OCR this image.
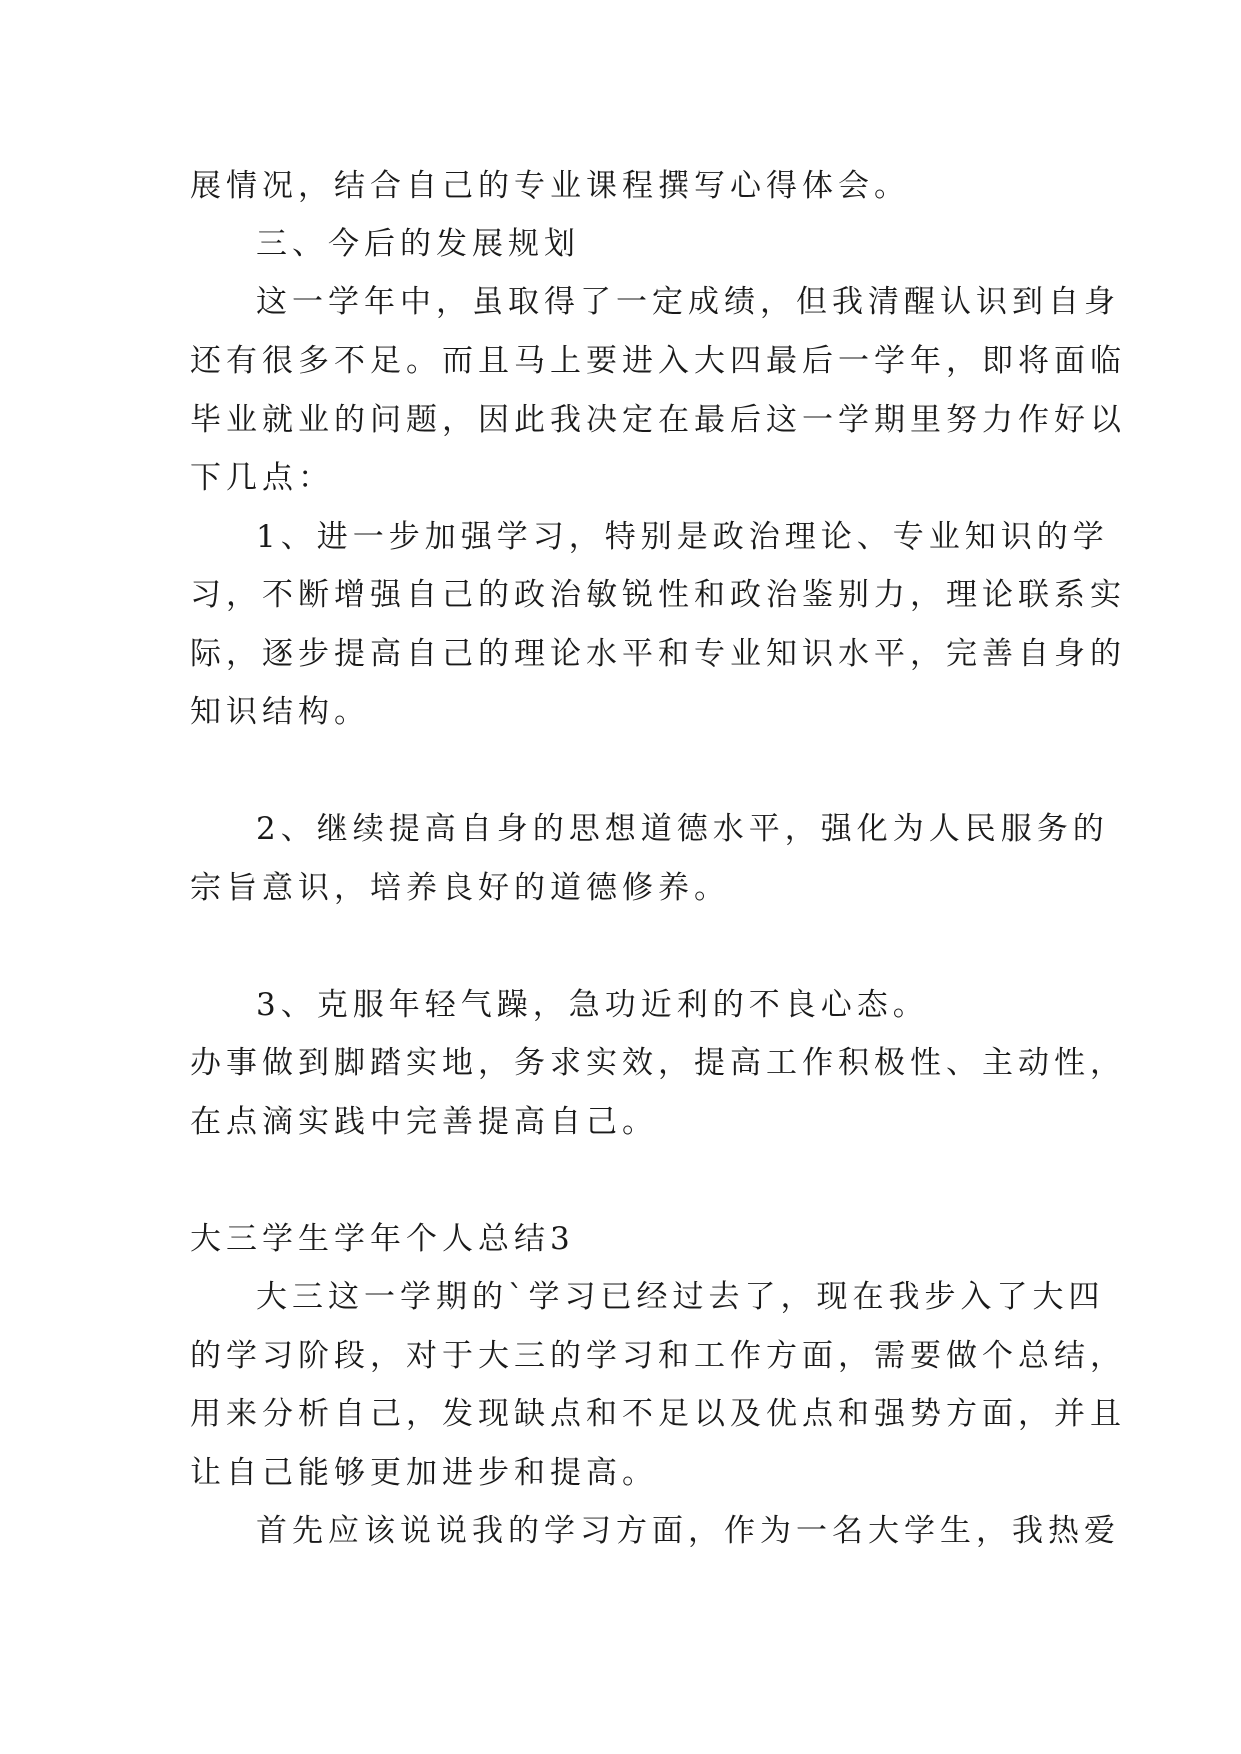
展情况，结合自己的专业课程撰写心得体会。
三、今后的发展规划
这一学年中，虽取得了一定成绩，但我清醒认识到自身
还有很多不足。而且马上要进入大四最后一学年，即将面临
毕业就业的问题，因此我决定在最后这一学期里努力作好以
下几点：
1、进一步加强学习，特别是政治理论、专业知识的学
习，不断增强自己的政治敏锐性和政治鉴别力，理论联系实
际，逐步提高自己的理论水平和专业知识水平，完善自身的
知识结构。
2、继续提高自身的思想道德水平，强化为人民服务的
宗旨意识，培养良好的道德修养。
3、克服年轻气躁，急功近利的不良心态。
办事做到脚踏实地，务求实效，提高工作积极性、主动性，
在点滴实践中完善提高自己。
大三学生学年个人总结3
大三这一学期的`学习已经过去了，现在我步入了大四
的学习阶段，对于大三的学习和工作方面，需要做个总结，
用来分析自己，发现缺点和不足以及优点和强势方面，并且
让自己能够更加进步和提高。
首先应该说说我的学习方面，作为一名大学生，我热爱
